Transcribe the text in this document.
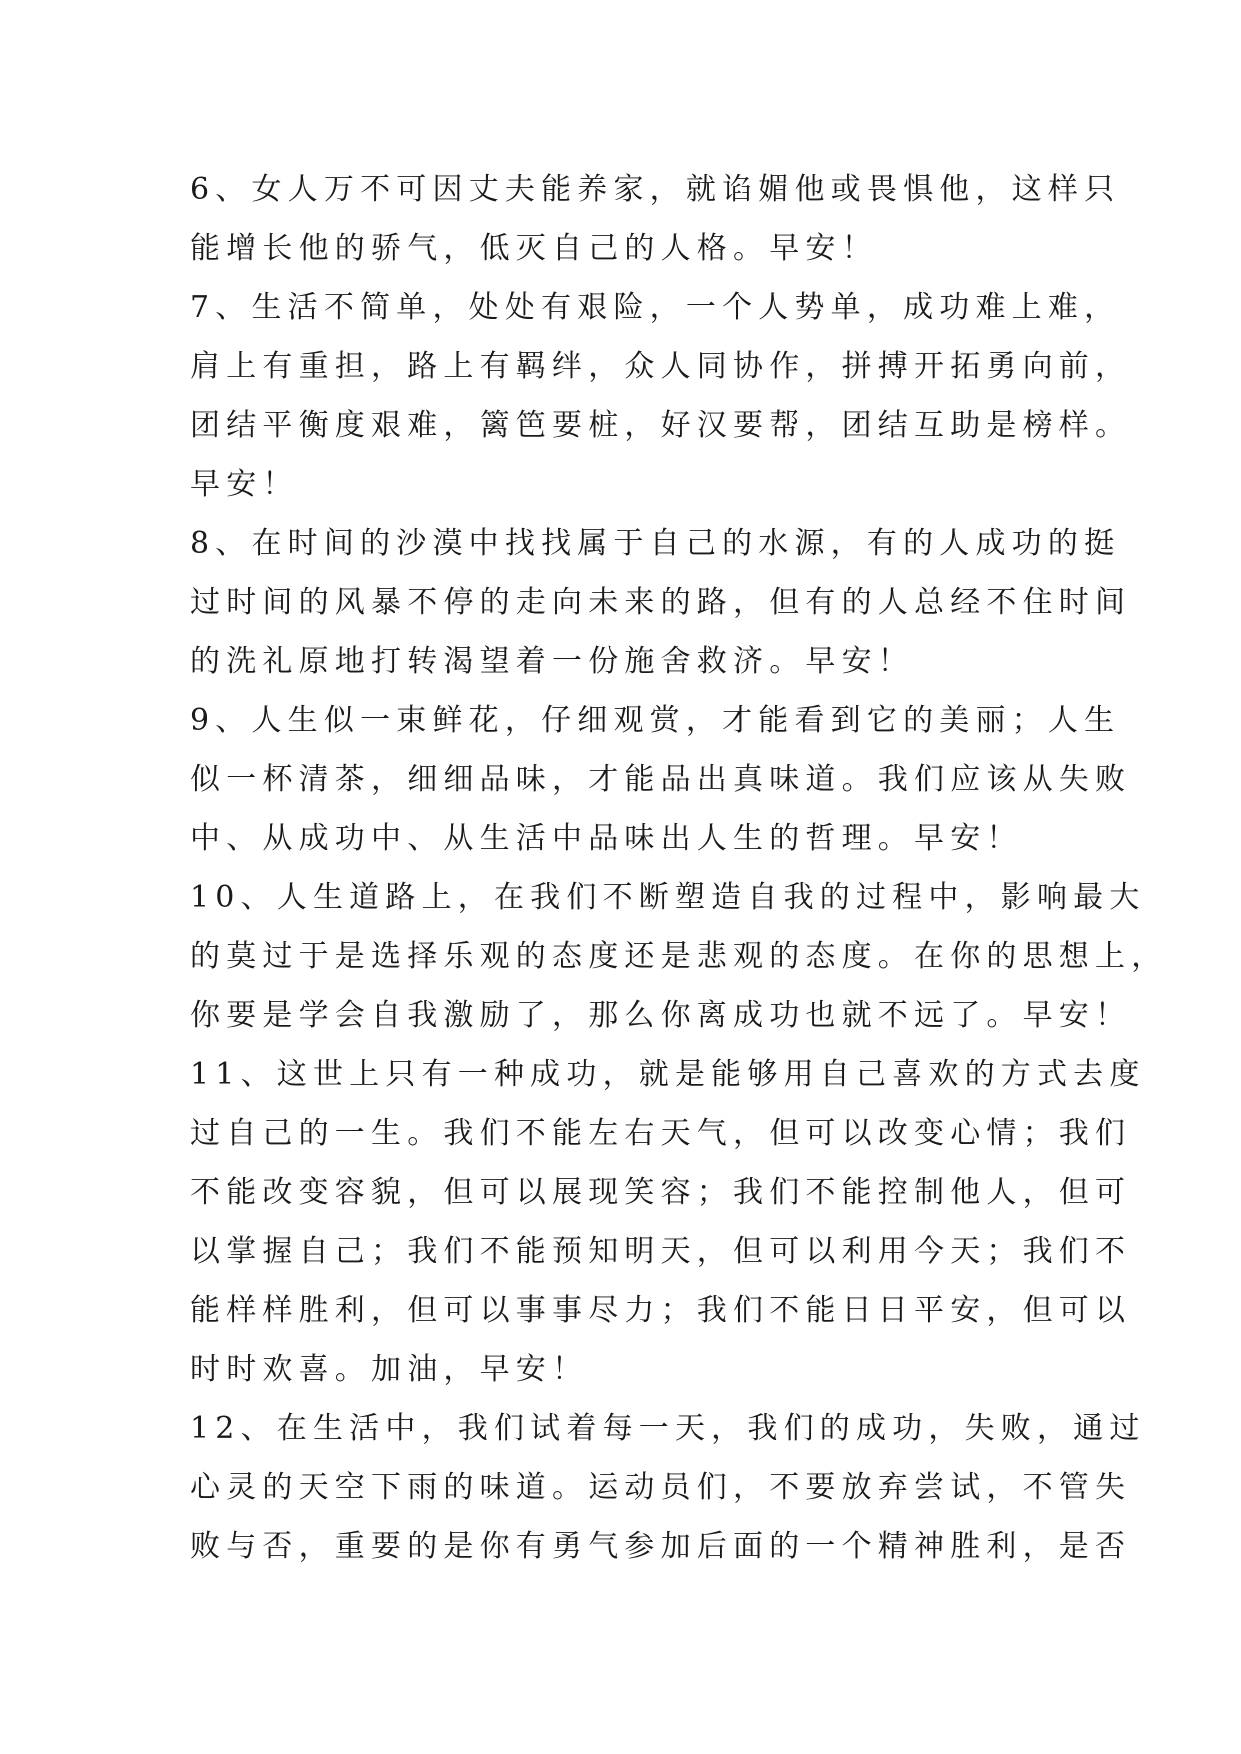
6、女人万不可因丈夫能养家，就谄媚他或畏惧他，这样只
能增长他的骄气，低灭自己的人格。早安！
7、生活不简单，处处有艰险，一个人势单，成功难上难，
肩上有重担，路上有羁绊，众人同协作，拼搏开拓勇向前，
团结平衡度艰难，篱笆要桩，好汉要帮，团结互助是榜样。
早安！
8、在时间的沙漠中找找属于自己的水源，有的人成功的挺
过时间的风暴不停的走向未来的路，但有的人总经不住时间
的洗礼原地打转渴望着一份施舍救济。早安！
9、人生似一束鲜花，仔细观赏，才能看到它的美丽；人生
似一杯清茶，细细品味，才能品出真味道。我们应该从失败
中、从成功中、从生活中品味出人生的哲理。早安！
10、人生道路上，在我们不断塑造自我的过程中，影响最大
的莫过于是选择乐观的态度还是悲观的态度。在你的思想上，
你要是学会自我激励了，那么你离成功也就不远了。早安！
11、这世上只有一种成功，就是能够用自己喜欢的方式去度
过自己的一生。我们不能左右天气，但可以改变心情；我们
不能改变容貌，但可以展现笑容；我们不能控制他人，但可
以掌握自己；我们不能预知明天，但可以利用今天；我们不
能样样胜利，但可以事事尽力；我们不能日日平安，但可以
时时欢喜。加油，早安！
12、在生活中，我们试着每一天，我们的成功，失败，通过
心灵的天空下雨的味道。运动员们，不要放弃尝试，不管失
败与否，重要的是你有勇气参加后面的一个精神胜利，是否
